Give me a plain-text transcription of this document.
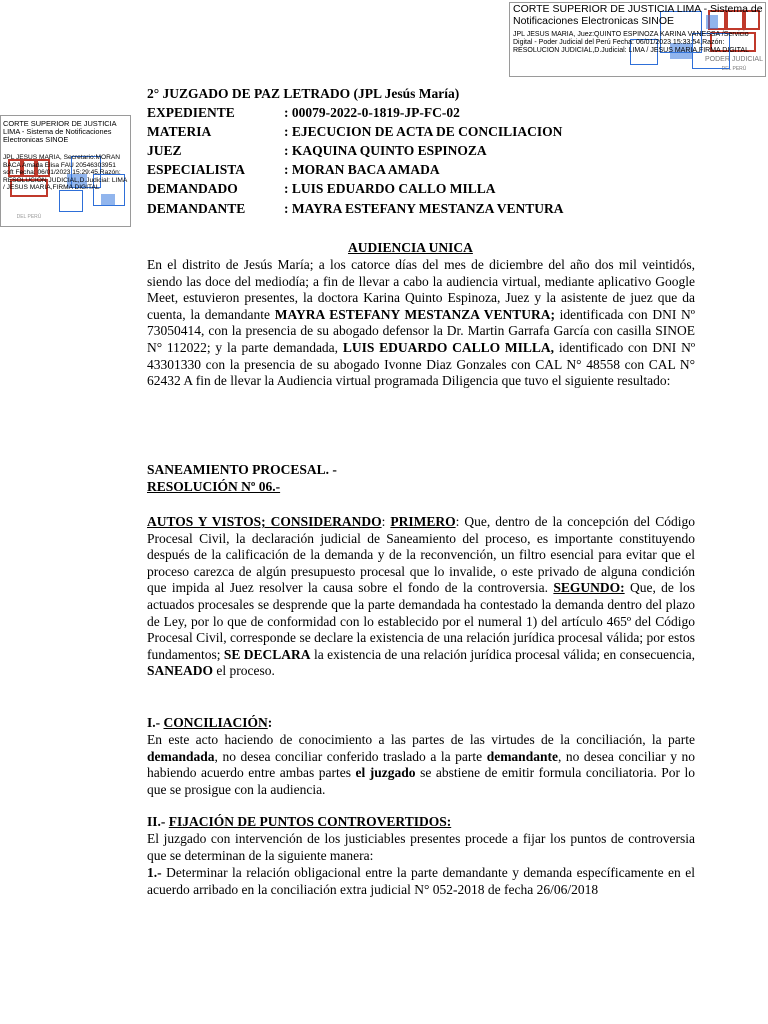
PODER JUDICIAL
DEL PERÚ
CORTE SUPERIOR DE JUSTICIA LIMA - Sistema de Notificaciones Electronicas SINOE
JPL JESUS MARIA, Juez:QUINTO ESPINOZA KARINA VANESSA /Servicio Digital - Poder Judicial del Perú Fecha: 06/01/2023 15:33:54,Razón: RESOLUCION JUDICIAL,D.Judicial: LIMA / JESUS MARIA,FIRMA DIGITAL
DEL PERÚ
CORTE SUPERIOR DE JUSTICIA LIMA - Sistema de Notificaciones Electronicas SINOE
JPL JESUS MARIA, Secretario:MORAN BACA Amada Elisa FAU 20546303951 soft Fecha: 06/01/2023 15:29:45,Razón: RESOLUCIÓN JUDICIAL,D.Judicial: LIMA / JESUS MARIA,FIRMA DIGITAL
2° JUZGADO DE PAZ LETRADO (JPL Jesús María)
EXPEDIENTE	: 00079-2022-0-1819-JP-FC-02
MATERIA	: EJECUCION DE ACTA DE CONCILIACION
JUEZ	: KAQUINA QUINTO ESPINOZA
ESPECIALISTA	: MORAN BACA AMADA
DEMANDADO	: LUIS EDUARDO CALLO MILLA
DEMANDANTE	: MAYRA ESTEFANY MESTANZA VENTURA
AUDIENCIA UNICA
En el distrito de Jesús María; a los catorce días del mes de diciembre del año dos mil veintidós, siendo las doce del mediodía; a fin de llevar a cabo la audiencia virtual, mediante aplicativo Google Meet, estuvieron presentes, la doctora Karina Quinto Espinoza, Juez y la asistente de juez que da cuenta, la demandante MAYRA ESTEFANY MESTANZA VENTURA; identificada con DNI Nº 73050414, con la presencia de su abogado defensor la Dr. Martin Garrafa García con casilla SINOE N° 112022; y la parte demandada, LUIS EDUARDO CALLO MILLA, identificado con DNI Nº 43301330 con la presencia de su abogado Ivonne Diaz Gonzales con CAL N° 48558 con CAL N° 62432 A fin de llevar la Audiencia virtual programada Diligencia que tuvo el siguiente resultado:
SANEAMIENTO PROCESAL. -
RESOLUCIÓN Nº 06.-
AUTOS Y VISTOS; CONSIDERANDO: PRIMERO: Que, dentro de la concepción del Código Procesal Civil, la declaración judicial de Saneamiento del proceso, es importante constituyendo después de la calificación de la demanda y de la reconvención, un filtro esencial para evitar que el proceso carezca de algún presupuesto procesal que lo invalide, o este privado de alguna condición que impida al Juez resolver la causa sobre el fondo de la controversia. SEGUNDO: Que, de los actuados procesales se desprende que la parte demandada ha contestado la demanda dentro del plazo de Ley, por lo que de conformidad con lo establecido por el numeral 1) del artículo 465º del Código Procesal Civil, corresponde se declare la existencia de una relación jurídica procesal válida; por estos fundamentos; SE DECLARA la existencia de una relación jurídica procesal válida; en consecuencia, SANEADO el proceso.
I.- CONCILIACIÓN:
En este acto haciendo de conocimiento a las partes de las virtudes de la conciliación, la parte demandada, no desea conciliar conferido traslado a la parte demandante, no desea conciliar y no habiendo acuerdo entre ambas partes el juzgado se abstiene de emitir formula conciliatoria. Por lo que se prosigue con la audiencia.
II.- FIJACIÓN DE PUNTOS CONTROVERTIDOS:
El juzgado con intervención de los justiciables presentes procede a fijar los puntos de controversia que se determinan de la siguiente manera:
1.- Determinar la relación obligacional entre la parte demandante y demanda específicamente en el acuerdo arribado en la conciliación extra judicial N° 052-2018 de fecha 26/06/2018
